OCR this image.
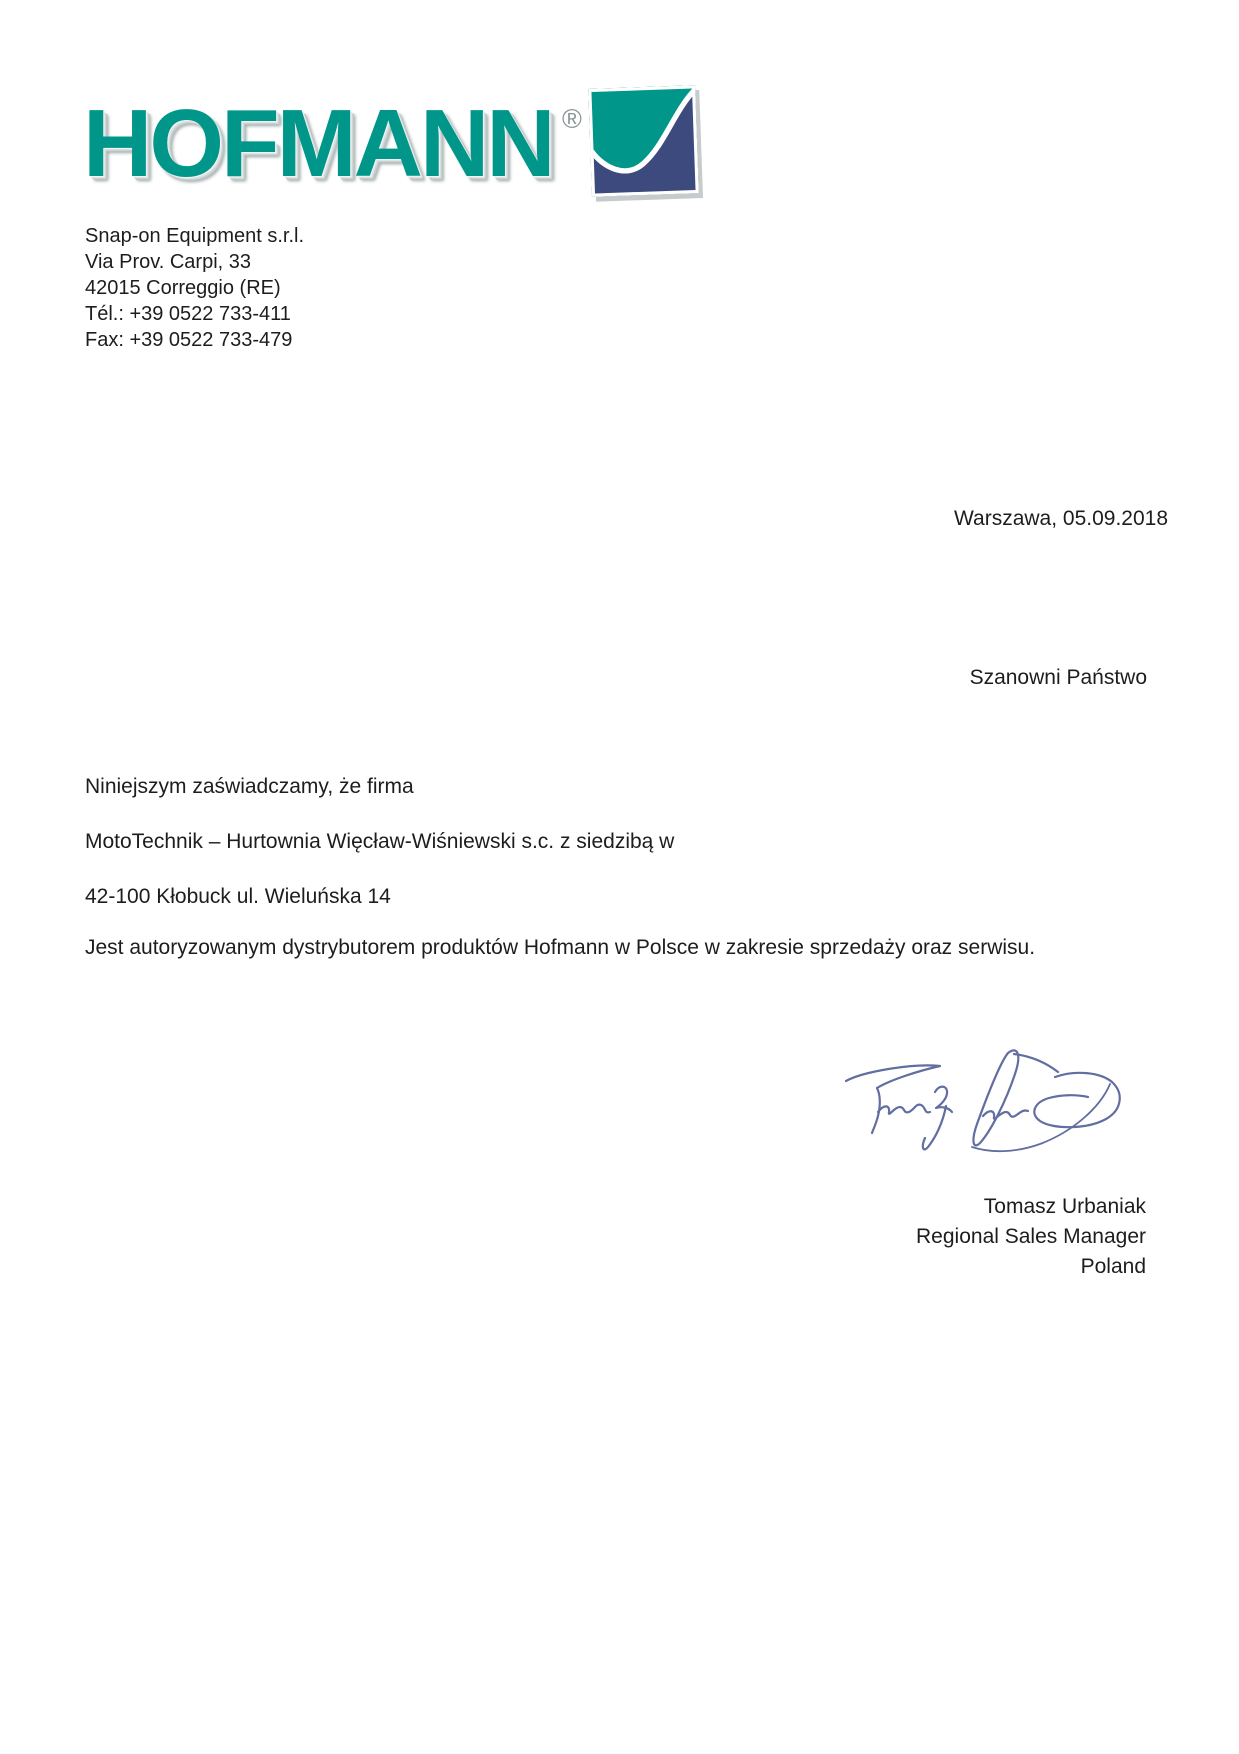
HOFMANN ®
Snap-on Equipment s.r.l.
Via Prov. Carpi, 33
42015 Correggio (RE)
Tél.: +39 0522 733-411
Fax: +39 0522 733-479
Warszawa, 05.09.2018
Szanowni Państwo
Niniejszym zaświadczamy, że firma
MotoTechnik – Hurtownia Więcław-Wiśniewski s.c. z siedzibą w
42-100 Kłobuck ul. Wieluńska 14
Jest autoryzowanym dystrybutorem produktów Hofmann w Polsce w zakresie sprzedaży oraz serwisu.
Tomasz Urbaniak
Regional Sales Manager
Poland
